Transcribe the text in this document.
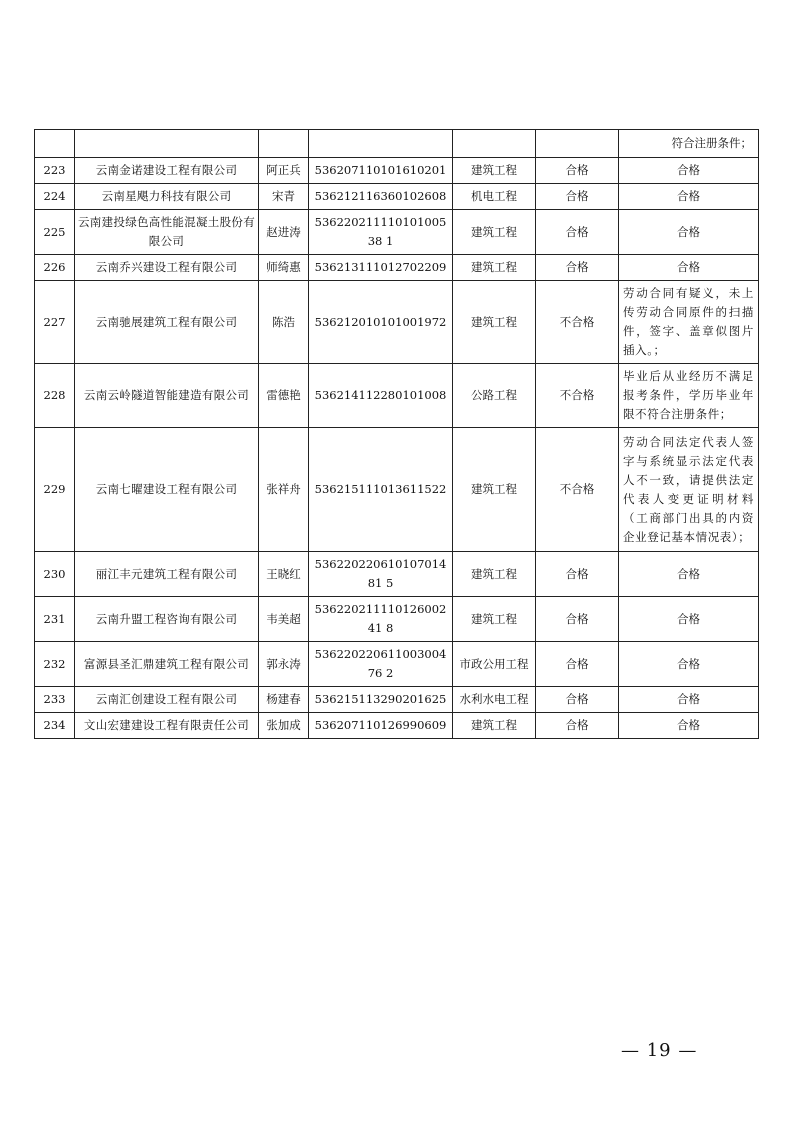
						符合注册条件；
223	云南金诺建设工程有限公司	阿正兵	536207110101610201	建筑工程	合格	合格
224	云南星飓力科技有限公司	宋青	536212116360102608	机电工程	合格	合格
225	云南建投绿色高性能混凝土股份有限公司	赵进涛	53622021111010100538 1	建筑工程	合格	合格
226	云南乔兴建设工程有限公司	师绮惠	536213111012702209	建筑工程	合格	合格
227	云南驰展建筑工程有限公司	陈浩	536212010101001972	建筑工程	不合格	劳动合同有疑义，未上传劳动合同原件的扫描件，签字、盖章似图片插入。；
228	云南云岭隧道智能建造有限公司	雷德艳	536214112280101008	公路工程	不合格	毕业后从业经历不满足报考条件，学历毕业年限不符合注册条件；
229	云南七曜建设工程有限公司	张祥舟	536215111013611522	建筑工程	不合格	劳动合同法定代表人签字与系统显示法定代表人不一致，请提供法定代表人变更证明材料（工商部门出具的内资企业登记基本情况表）；
230	丽江丰元建筑工程有限公司	王晓红	53622022061010701481 5	建筑工程	合格	合格
231	云南升盟工程咨询有限公司	韦美超	53622021111012600241 8	建筑工程	合格	合格
232	富源县圣汇鼎建筑工程有限公司	郭永涛	53622022061100300476 2	市政公用工程	合格	合格
233	云南汇创建设工程有限公司	杨建春	536215113290201625	水利水电工程	合格	合格
234	文山宏建建设工程有限责任公司	张加成	536207110126990609	建筑工程	合格	合格
— 19 —
